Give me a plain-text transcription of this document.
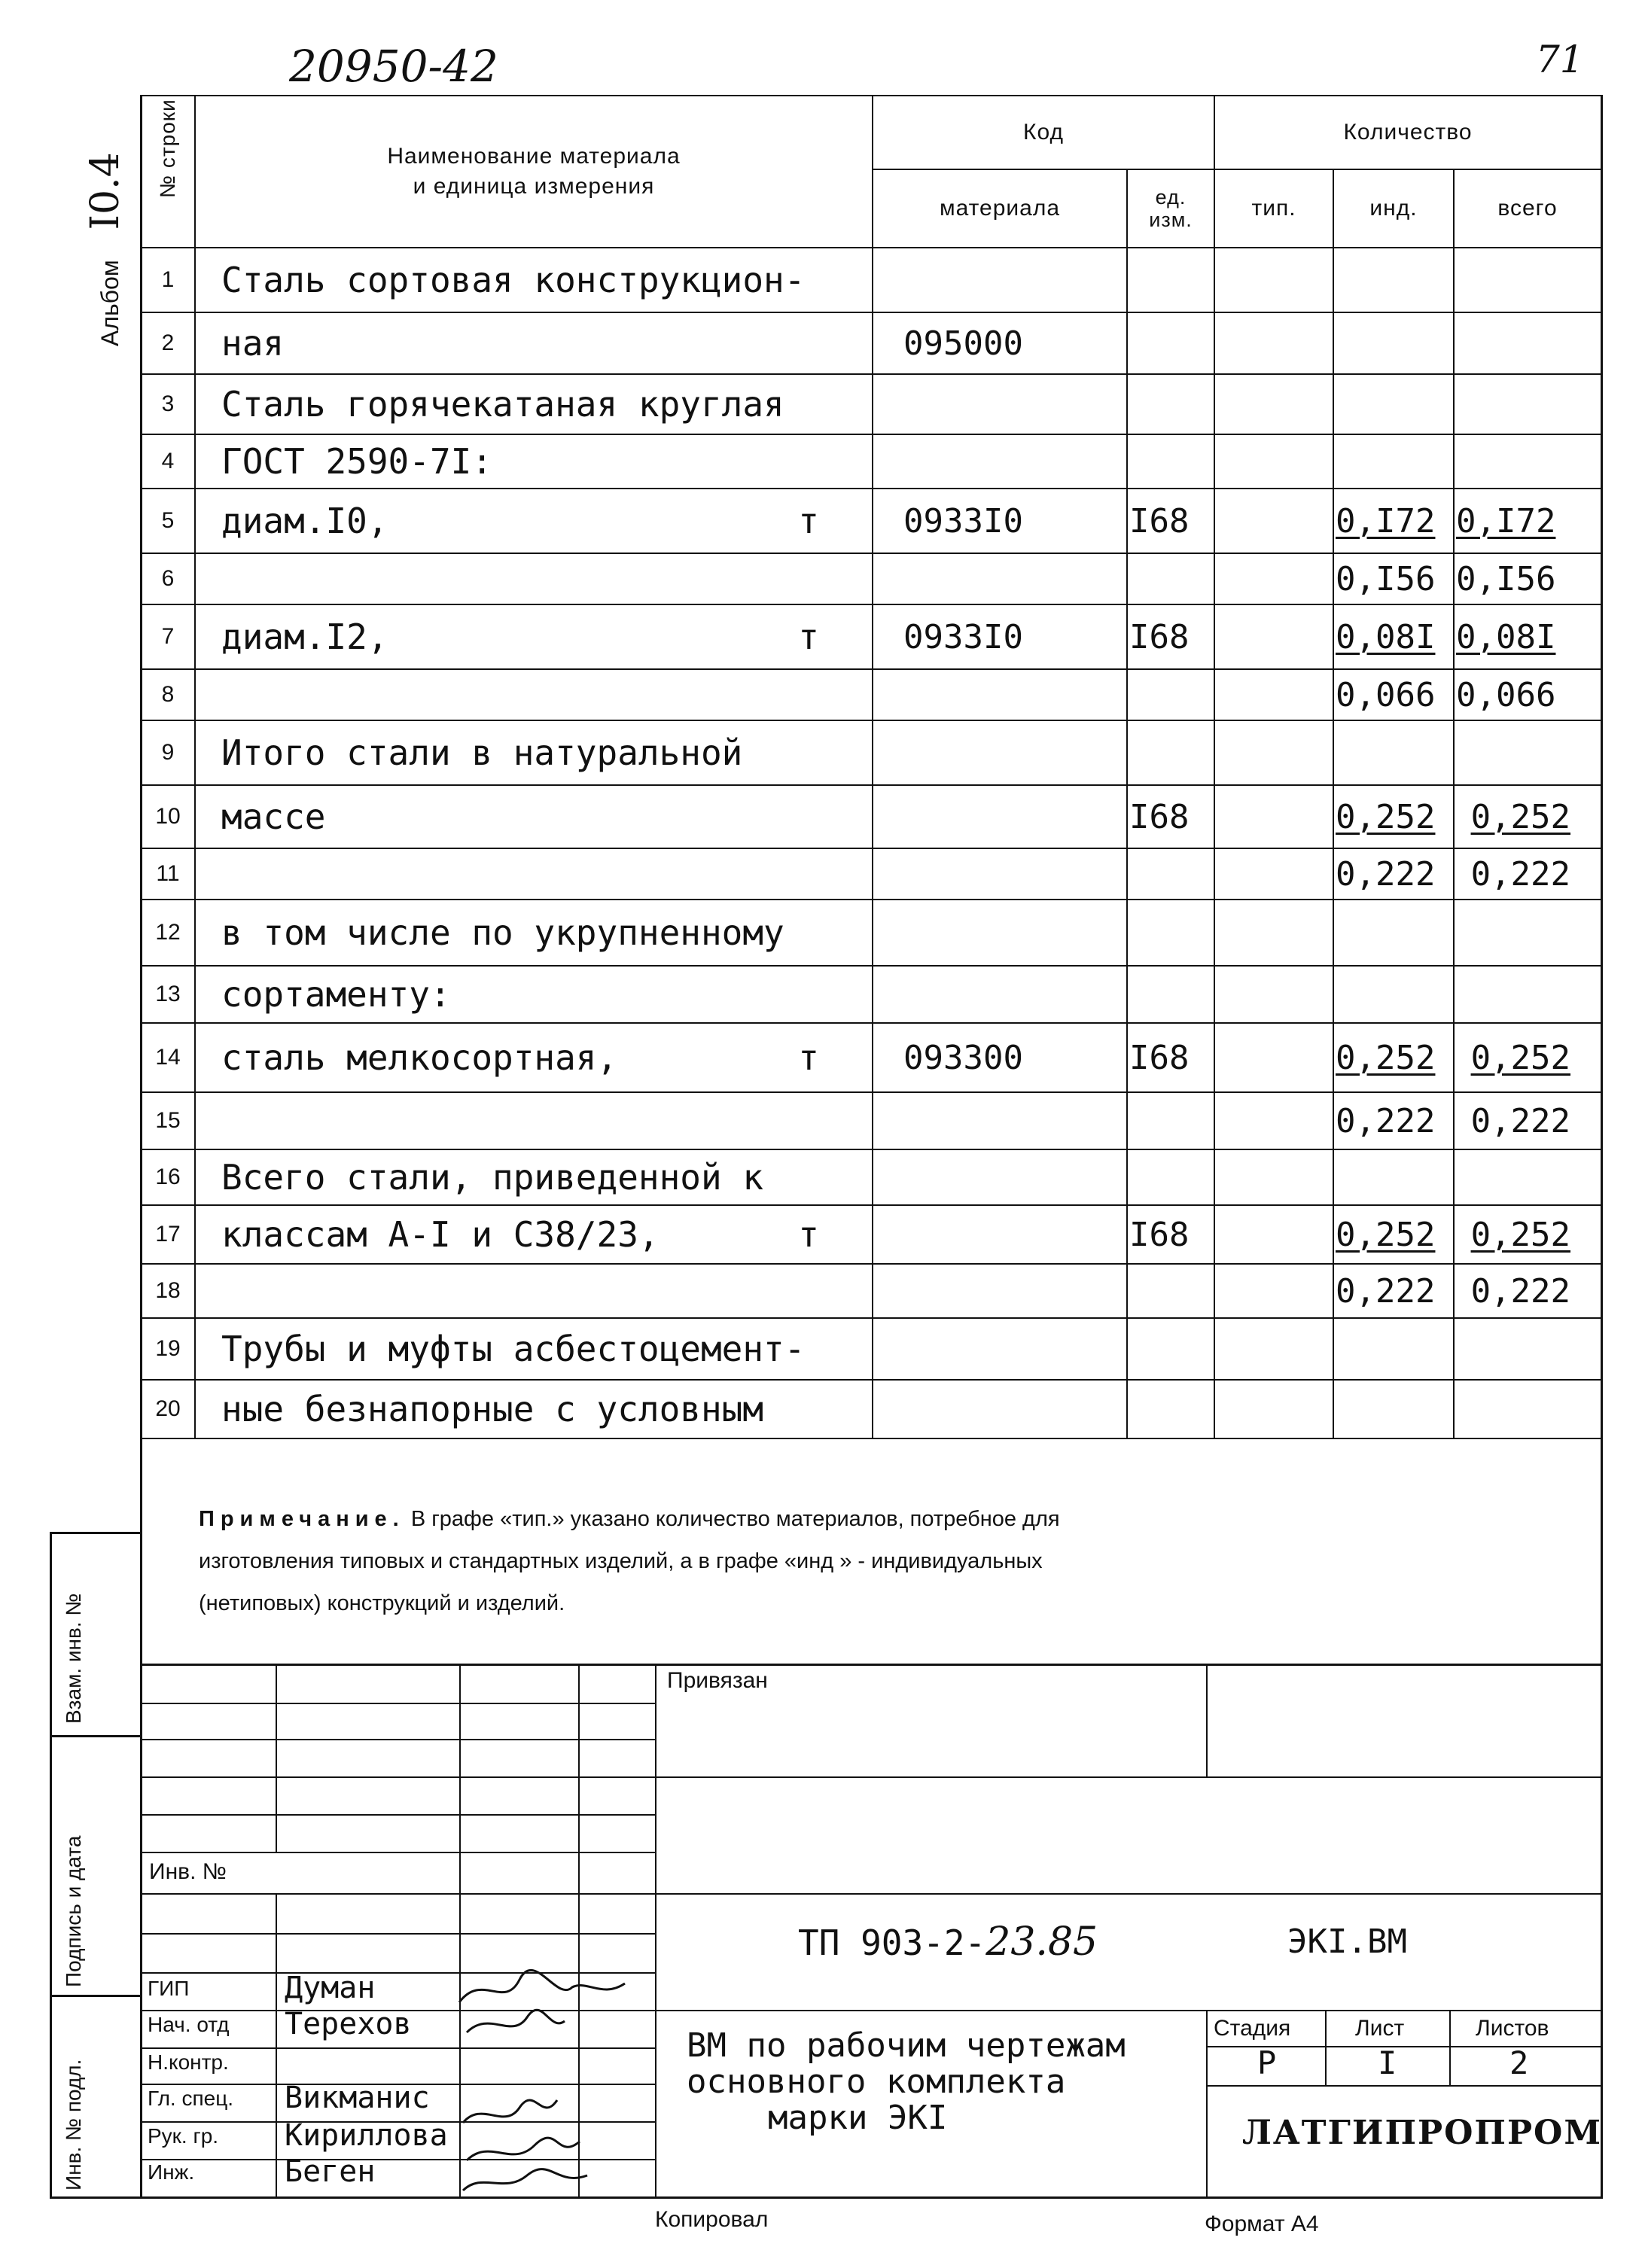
20950-42	71
Альбом I0.4 № строки	Наименование материала и единица измерения	Код		Количество		
		материала	ед. изм.	тип.	инд.	всего
1	Сталь сортовая конструкцион-

2	ная	095000				
3	Сталь горячекатаная круглая

4	ГОСТ 2590-7I:

5	диам.I0, т	0933I0	I68		0,I72	0,I72
6					0,I56	0,I56
7	диам.I2, т	0933I0	I68		0,08I	0,08I
8					0,066	0,066
9	Итого стали в натуральной

10	массе		I68		0,252	0,252
11					0,222	0,222
12	в том числе по укрупненному

13	сортаменту:

14	сталь мелкосортная, т	093300	I68		0,252	0,252
15					0,222	0,222
16	Всего стали, приведенной к

17	классам А-I и С38/23, т		I68		0,252	0,252
18					0,222	0,222
19	Трубы и муфты асбестоцемент-

20	ные безнапорные с условным

Примечание. В графе «тип.» указано количество материалов, потребное для
изготовления типовых и стандартных изделий, а в графе «инд » - индивидуальных
(нетиповых) конструкций и изделий.
Взам. инв. №
Подпись и дата
Инв. № подл.
Привязан
Инв. №
ТП 903-2-23.85	ЭКI.ВМ
ГИП	Думан
Нач. отд Терехов
Н.контр.
Гл. спец. Викманис
Рук. гр. Кириллова
Инж.	Беген
ВМ по рабочим чертежам
основного комплекта
марки ЭКI
Стадия	Лист	Листов
Р	I	2
ЛАТГИПРОПРОМ
Копировал	Формат А4
